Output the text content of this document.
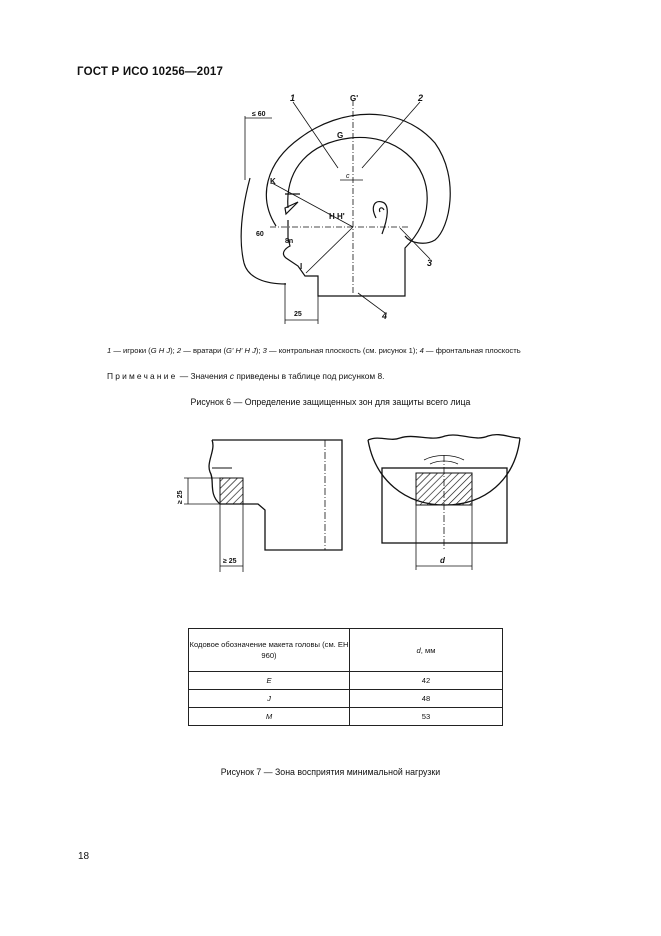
ГОСТ Р ИСО 10256—2017
1	2
3
4
G'
G
c
K
H H'
I
≤ 60
60
8n
25
1 — игроки (G H J); 2 — вратари (G' H' H J); 3 — контрольная плоскость (см. рисунок 1); 4 — фронтальная плоскость
Примечание — Значения c приведены в таблице под рисунком 8.
Рисунок 6 — Определение защищенных зон для защиты всего лица
≥ 25
≥ 25	d
Кодовое обозначение макета головы (см. ЕН 960)	d, мм
E	42
J	48
M	53
Рисунок 7 — Зона восприятия минимальной нагрузки
18
